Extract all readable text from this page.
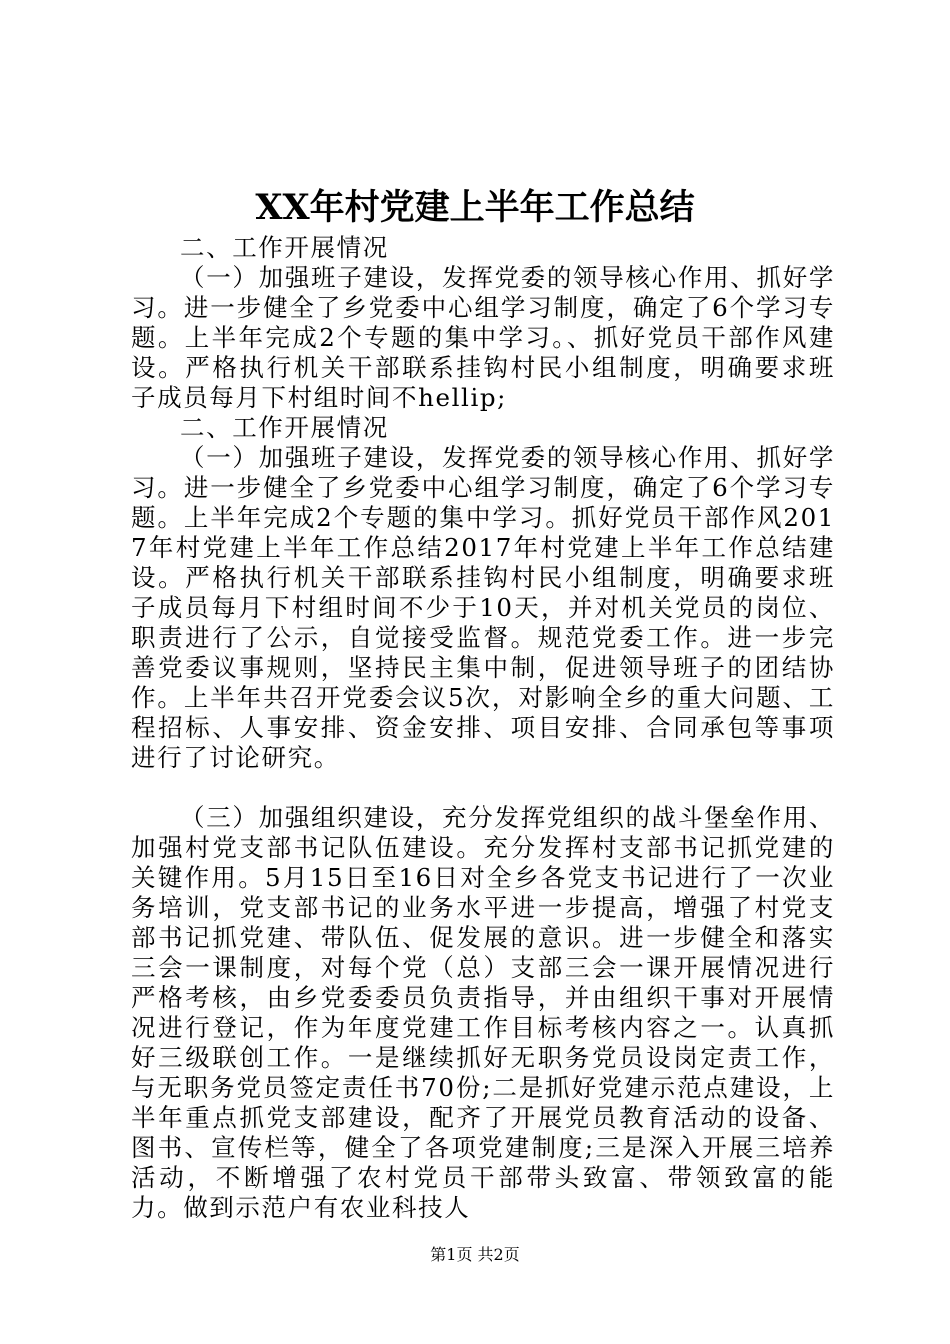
XX年村党建上半年工作总结

二、工作开展情况

（一）加强班子建设，发挥党委的领导核心作用、抓好学习。进一步健全了乡党委中心组学习制度，确定了6个学习专题。上半年完成2个专题的集中学习。、抓好党员干部作风建设。严格执行机关干部联系挂钩村民小组制度，明确要求班子成员每月下村组时间不hellip;

二、工作开展情况

（一）加强班子建设，发挥党委的领导核心作用、抓好学习。进一步健全了乡党委中心组学习制度，确定了6个学习专题。上半年完成2个专题的集中学习。抓好党员干部作风2017年村党建上半年工作总结2017年村党建上半年工作总结建设。严格执行机关干部联系挂钩村民小组制度，明确要求班子成员每月下村组时间不少于10天，并对机关党员的岗位、职责进行了公示，自觉接受监督。规范党委工作。进一步完善党委议事规则，坚持民主集中制，促进领导班子的团结协作。上半年共召开党委会议5次，对影响全乡的重大问题、工程招标、人事安排、资金安排、项目安排、合同承包等事项进行了讨论研究。

（三）加强组织建设，充分发挥党组织的战斗堡垒作用、加强村党支部书记队伍建设。充分发挥村支部书记抓党建的关键作用。5月15日至16日对全乡各党支书记进行了一次业务培训，党支部书记的业务水平进一步提高，增强了村党支部书记抓党建、带队伍、促发展的意识。进一步健全和落实三会一课制度，对每个党（总）支部三会一课开展情况进行严格考核，由乡党委委员负责指导，并由组织干事对开展情况进行登记，作为年度党建工作目标考核内容之一。认真抓好三级联创工作。一是继续抓好无职务党员设岗定责工作，与无职务党员签定责任书70份;二是抓好党建示范点建设，上半年重点抓党支部建设，配齐了开展党员教育活动的设备、图书、宣传栏等，健全了各项党建制度;三是深入开展三培养活动，不断增强了农村党员干部带头致富、带领致富的能力。做到示范户有农业科技人

第1页 共2页
